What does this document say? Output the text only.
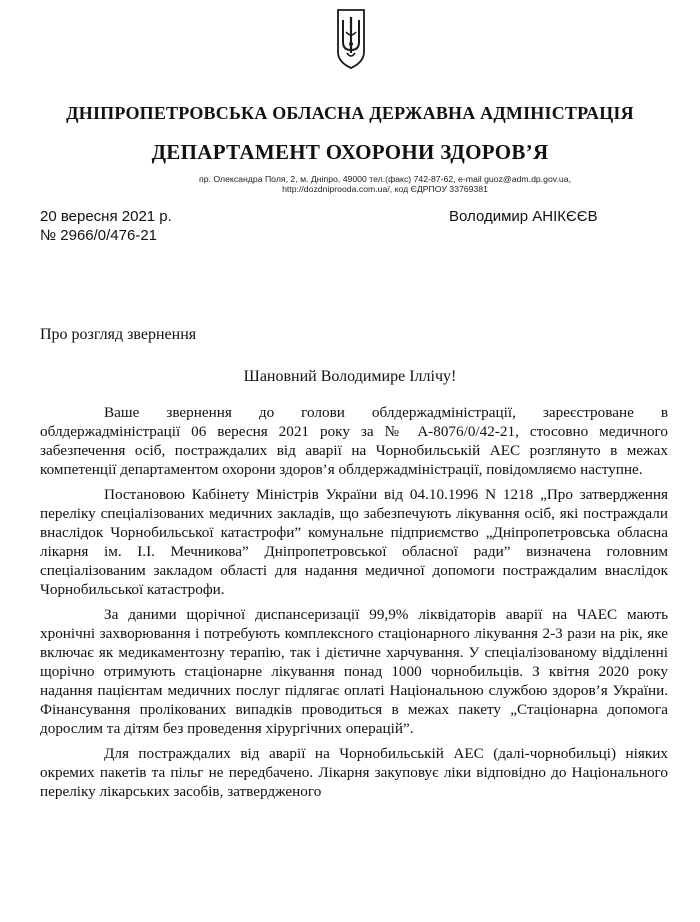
ДНІПРОПЕТРОВСЬКА ОБЛАСНА ДЕРЖАВНА АДМІНІСТРАЦІЯ
ДЕПАРТАМЕНТ ОХОРОНИ ЗДОРОВ’Я
пр. Олександра Поля, 2, м. Дніпро, 49000 тел.(факс) 742-87-62, e-mail guoz@adm.dp.gov.ua,
http://dozdniprooda.com.ua/, код ЄДРПОУ 33769381
20 вересня 2021 р.
№ 2966/0/476-21
Володимир АНІКЄЄВ
Про розгляд звернення
Шановний Володимире Іллічу!

Ваше звернення до голови облдержадміністрації, зареєстроване в облдержадміністрації 06 вересня 2021 року за № А-8076/0/42-21, стосовно медичного забезпечення осіб, постраждалих від аварії на Чорнобильській АЕС розглянуто в межах компетенції департаментом охорони здоров’я облдержадміністрації, повідомляємо наступне.

Постановою Кабінету Міністрів України від 04.10.1996 N 1218 „Про затвердження переліку спеціалізованих медичних закладів, що забезпечують лікування осіб, які постраждали внаслідок Чорнобильської катастрофи” комунальне підприємство „Дніпропетровська обласна лікарня ім. І.І. Мечникова” Дніпропетровської обласної ради” визначена головним спеціалізованим закладом області для надання медичної допомоги постраждалим внаслідок Чорнобильської катастрофи.

За даними щорічної диспансеризації 99,9% ліквідаторів аварії на ЧАЕС мають хронічні захворювання і потребують комплексного стаціонарного лікування 2-3 рази на рік, яке включає як медикаментозну терапію, так і дієтичне харчування. У спеціалізованому відділенні щорічно отримують стаціонарне лікування понад 1000 чорнобильців. З квітня 2020 року надання пацієнтам медичних послуг підлягає оплаті Національною службою здоров’я України. Фінансування пролікованих випадків проводиться в межах пакету „Стаціонарна допомога дорослим та дітям без проведення хірургічних операцій”.

Для постраждалих від аварії на Чорнобильській АЕС (далі-чорнобильці) ніяких окремих пакетів та пільг не передбачено. Лікарня закуповує ліки відповідно до Національного переліку лікарських засобів, затвердженого
